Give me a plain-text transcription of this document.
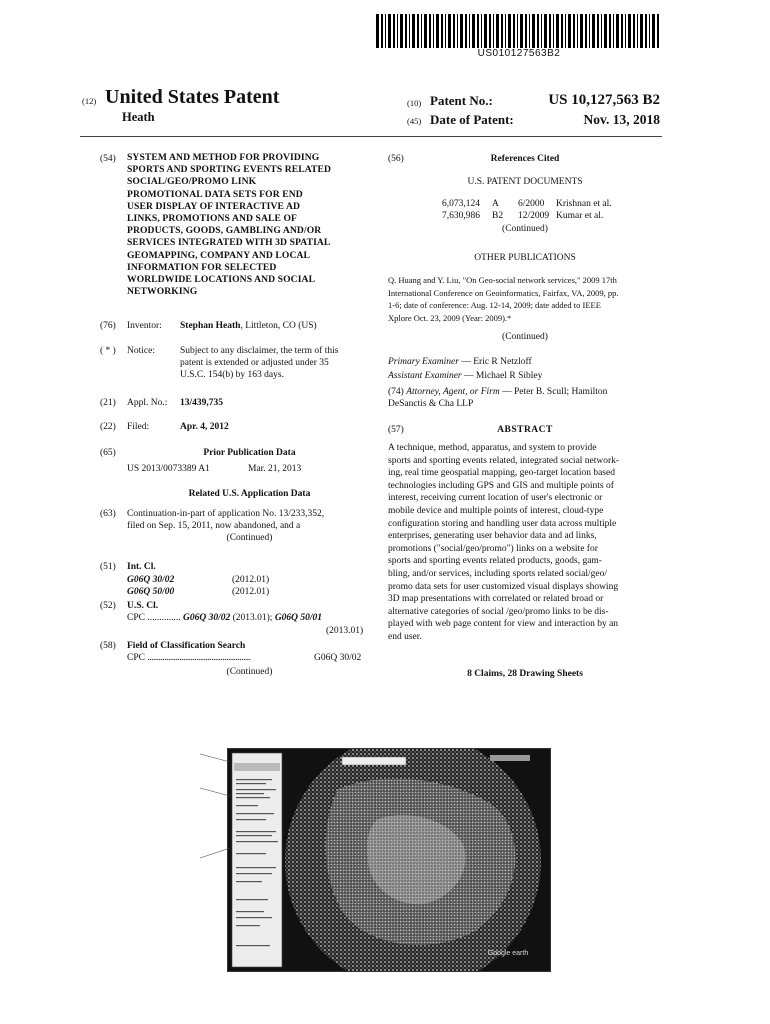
US010127563B2
(12) United States Patent
Heath
(10) Patent No.:	US 10,127,563 B2
(45) Date of Patent:	Nov. 13, 2018
(54) SYSTEM AND METHOD FOR PROVIDING
SPORTS AND SPORTING EVENTS RELATED
SOCIAL/GEO/PROMO LINK
PROMOTIONAL DATA SETS FOR END
USER DISPLAY OF INTERACTIVE AD
LINKS, PROMOTIONS AND SALE OF
PRODUCTS, GOODS, GAMBLING AND/OR
SERVICES INTEGRATED WITH 3D SPATIAL
GEOMAPPING, COMPANY AND LOCAL
INFORMATION FOR SELECTED
WORLDWIDE LOCATIONS AND SOCIAL
NETWORKING
(76) Inventor: Stephan Heath, Littleton, CO (US)
( * ) Notice:	Subject to any disclaimer, the term of this
patent is extended or adjusted under 35
U.S.C. 154(b) by 163 days.
(21) Appl. No.: 13/439,735
(22) Filed:	Apr. 4, 2012
(65)	Prior Publication Data
US 2013/0073389 A1	Mar. 21, 2013
Related U.S. Application Data
(63) Continuation-in-part of application No. 13/233,352,
filed on Sep. 15, 2011, now abandoned, and a
(Continued)
(51) Int. Cl.
G06Q 30/02	(2012.01)
G06Q 50/00	(2012.01)
(52) U.S. Cl.
CPC .............. G06Q 30/02 (2013.01); G06Q 50/01
(2013.01)
(58) Field of Classification Search
CPC .......................................................	G06Q 30/02
(Continued)
(56)	References Cited
U.S. PATENT DOCUMENTS
6,073,124 A 6/2000 Krishnan et al.
7,630,986 B2 12/2009 Kumar et al.
(Continued)
OTHER PUBLICATIONS
Q. Huang and Y. Liu, "On Geo-social network services," 2009 17th
International Conference on Geoinformatics, Fairfax, VA, 2009, pp.
1-6; date of conference: Aug. 12-14, 2009; date added to IEEE
Xplore Oct. 23, 2009 (Year: 2009).*
(Continued)
Primary Examiner — Eric R Netzloff
Assistant Examiner — Michael R Sibley
(74) Attorney, Agent, or Firm — Peter B. Scull; Hamilton
DeSanctis & Cha LLP
(57)	ABSTRACT
A technique, method, apparatus, and system to provide
sports and sporting events related, integrated social network-
ing, real time geospatial mapping, geo-target location based
technologies including GPS and GIS and multiple points of
interest, receiving current location of user's electronic or
mobile device and multiple points of interest, cloud-type
configuration storing and handling user data across multiple
enterprises, generating user behavior data and ad links,
promotions ("social/geo/promo") links on a website for
sports and sporting events related products, goods, gam-
bling, and/or services, including sports related social/geo/
promo data sets for user customized visual displays showing
3D map presentations with correlated or related broad or
alternative categories of social /geo/promo links to be dis-
played with web page content for view and interaction by an
end user.
8 Claims, 28 Drawing Sheets
Google earth
